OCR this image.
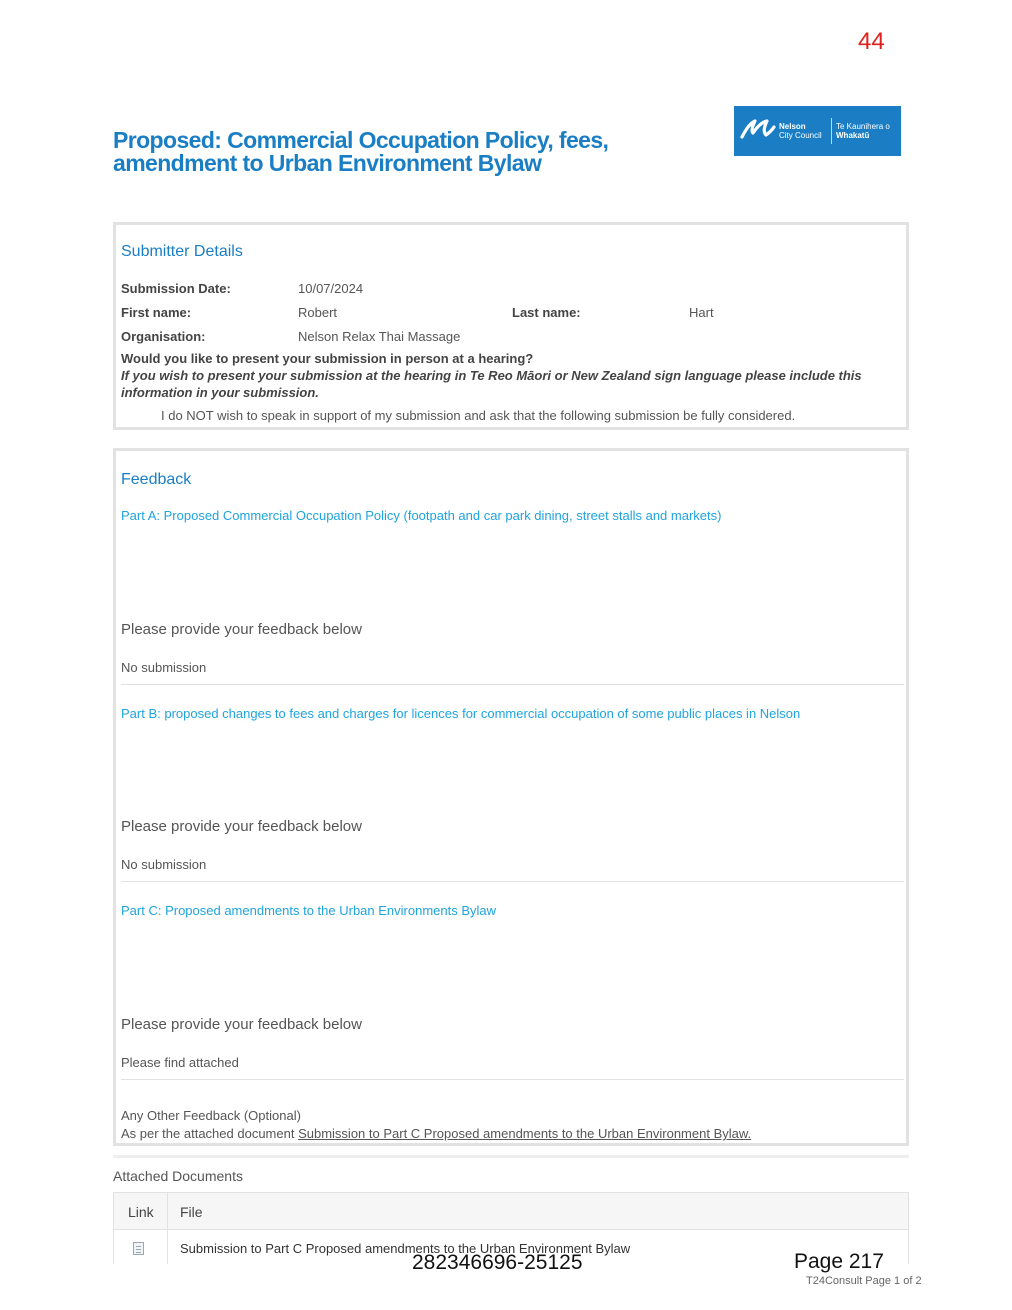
44
Proposed: Commercial Occupation Policy, fees, amendment to Urban Environment Bylaw
Nelson
City Council
Te Kaunihera o
Whakatū
Submitter Details
Submission Date:	10/07/2024
First name:	Robert	Last name:	Hart
Organisation:	Nelson Relax Thai Massage
Would you like to present your submission in person at a hearing?
If you wish to present your submission at the hearing in Te Reo Māori or New Zealand sign language please include this information in your submission.
I do NOT wish to speak in support of my submission and ask that the following submission be fully considered.
Feedback
Part A: Proposed Commercial Occupation Policy (footpath and car park dining, street stalls and markets)
Please provide your feedback below
No submission
Part B: proposed changes to fees and charges for licences for commercial occupation of some public places in Nelson
Please provide your feedback below
No submission
Part C: Proposed amendments to the Urban Environments Bylaw
Please provide your feedback below
Please find attached
Any Other Feedback (Optional)
As per the attached document Submission to Part C Proposed amendments to the Urban Environment Bylaw.
Attached Documents
Link File
Submission to Part C Proposed amendments to the Urban Environment Bylaw
282346696-25125	Page 217
T24Consult Page 1 of 2
